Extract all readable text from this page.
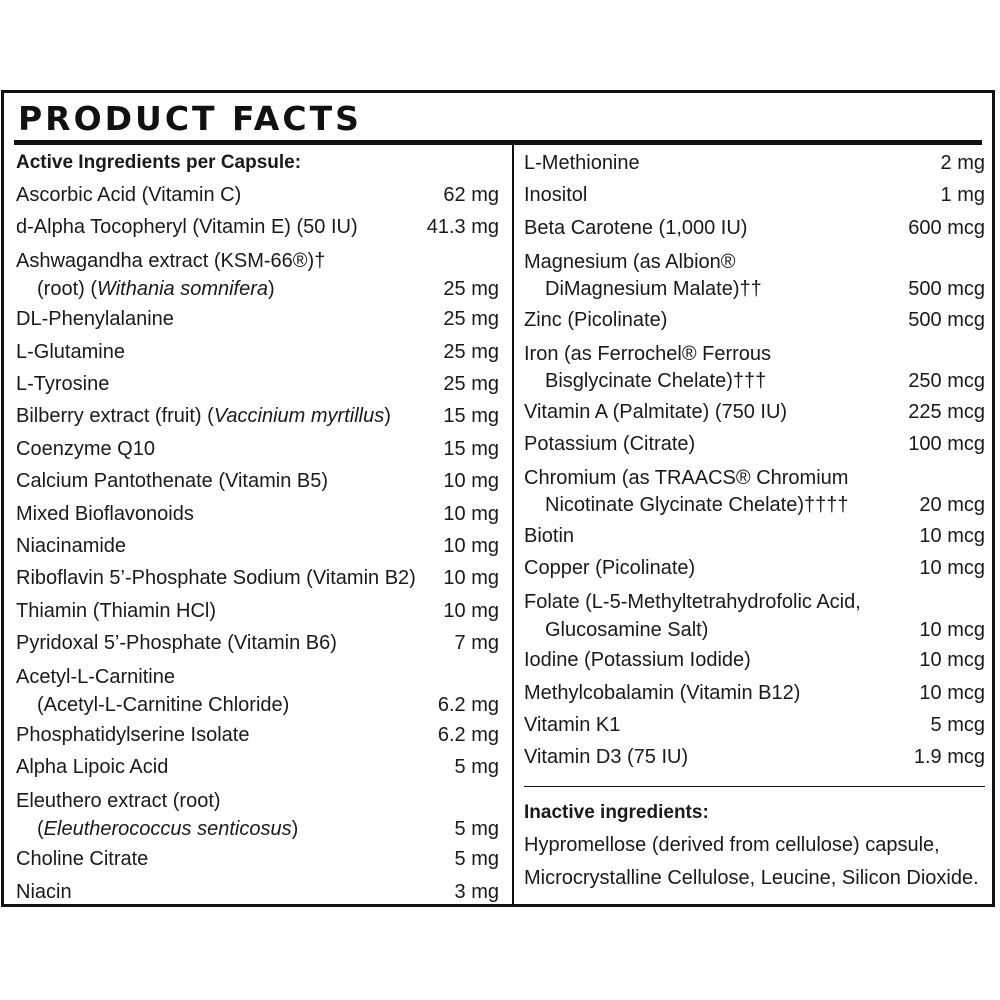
PRODUCT FACTS
Active Ingredients per Capsule:
Ascorbic Acid (Vitamin C)	62 mg
d-Alpha Tocopheryl (Vitamin E) (50 IU)	41.3 mg
Ashwagandha extract (KSM-66®)†
(root) (Withania somnifera)	25 mg
DL-Phenylalanine	25 mg
L-Glutamine	25 mg
L-Tyrosine	25 mg
Bilberry extract (fruit) (Vaccinium myrtillus)	15 mg
Coenzyme Q10	15 mg
Calcium Pantothenate (Vitamin B5)	10 mg
Mixed Bioflavonoids	10 mg
Niacinamide	10 mg
Riboflavin 5’-Phosphate Sodium (Vitamin B2) 10 mg
Thiamin (Thiamin HCl)	10 mg
Pyridoxal 5’-Phosphate (Vitamin B6)	7 mg
Acetyl-L-Carnitine
(Acetyl-L-Carnitine Chloride)	6.2 mg
Phosphatidylserine Isolate	6.2 mg
Alpha Lipoic Acid	5 mg
Eleuthero extract (root)
(Eleutherococcus senticosus)	5 mg
Choline Citrate	5 mg
Niacin	3 mg
L-Methionine	2 mg
Inositol	1 mg
Beta Carotene (1,000 IU)	600 mcg
Magnesium (as Albion®
DiMagnesium Malate)††	500 mcg
Zinc (Picolinate)	500 mcg
Iron (as Ferrochel® Ferrous
Bisglycinate Chelate)†††	250 mcg
Vitamin A (Palmitate) (750 IU)	225 mcg
Potassium (Citrate)	100 mcg
Chromium (as TRAACS® Chromium
Nicotinate Glycinate Chelate)††††	20 mcg
Biotin	10 mcg
Copper (Picolinate)	10 mcg
Folate (L-5-Methyltetrahydrofolic Acid,
Glucosamine Salt)	10 mcg
Iodine (Potassium Iodide)	10 mcg
Methylcobalamin (Vitamin B12)	10 mcg
Vitamin K1	5 mcg
Vitamin D3 (75 IU)	1.9 mcg
Inactive ingredients:
Hypromellose (derived from cellulose) capsule,
Microcrystalline Cellulose, Leucine, Silicon Dioxide.
